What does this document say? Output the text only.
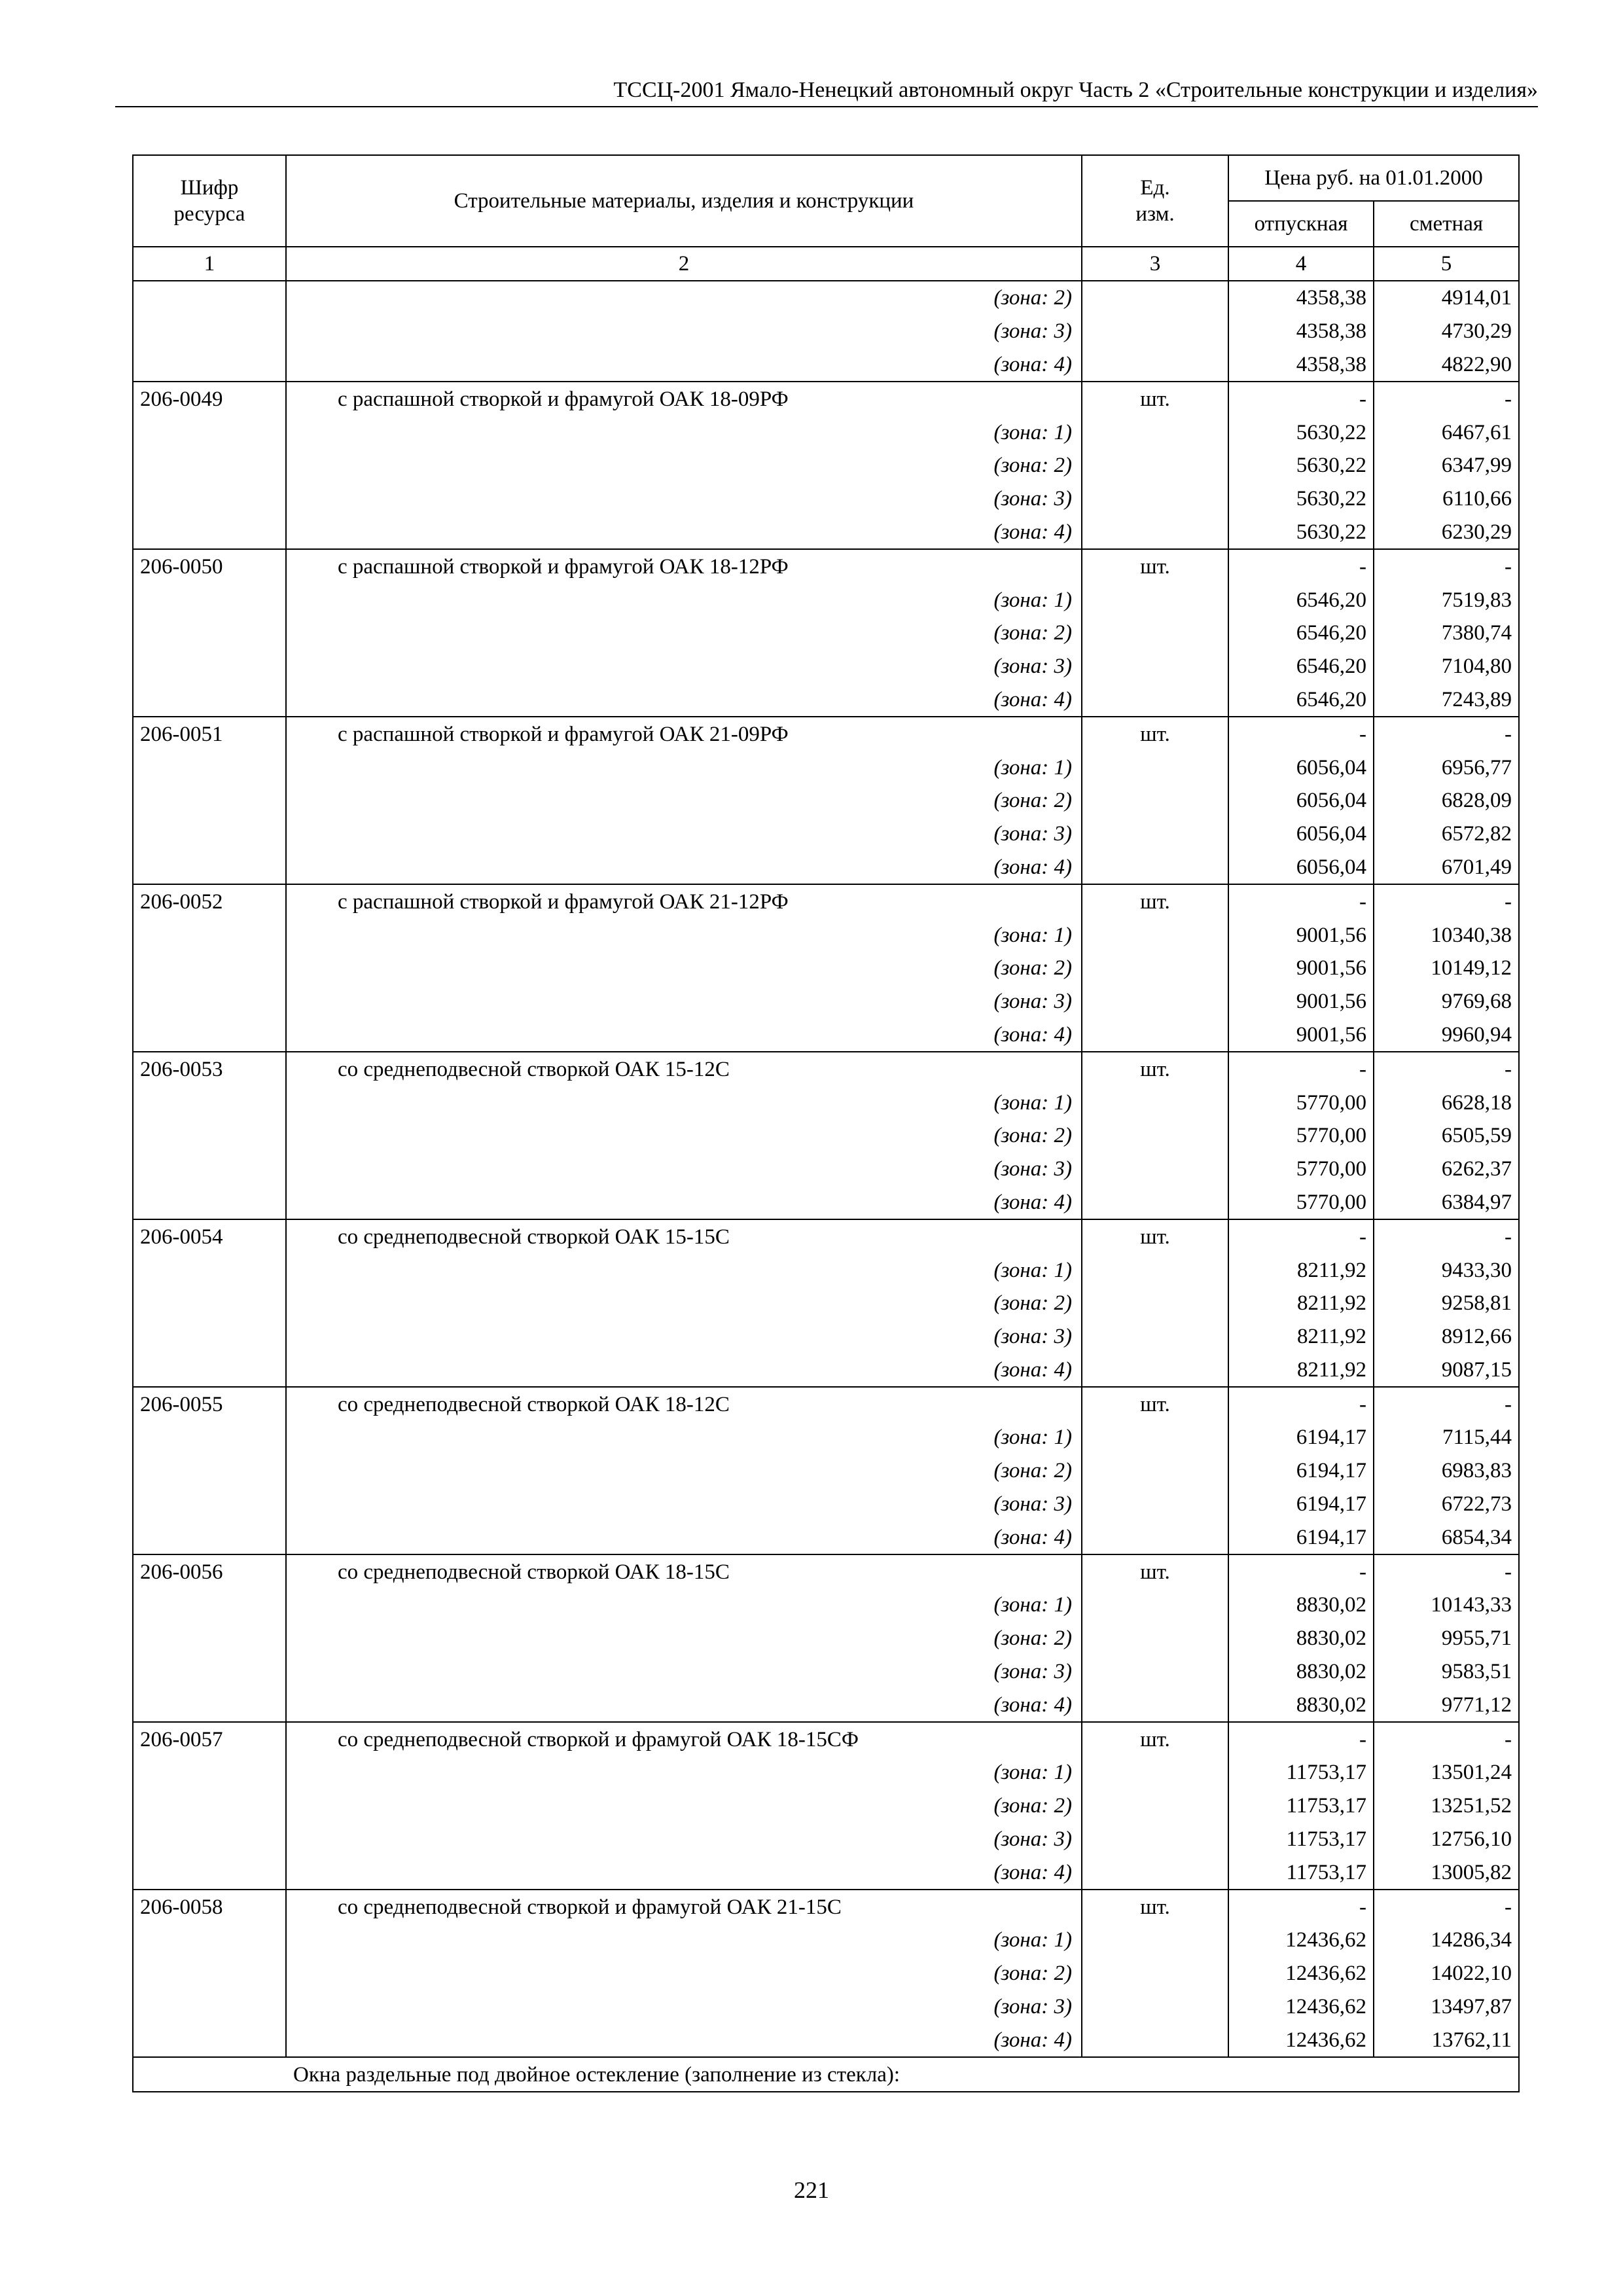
ТССЦ-2001 Ямало-Ненецкий автономный округ Часть 2 «Строительные конструкции и изделия»
Шифр ресурса	Строительные материалы, изделия и конструкции	Ед. изм.	Цена руб. на 01.01.2000	
			отпускная	сметная
1	2	3	4	5
	(зона: 2)		4358,38	4914,01
	(зона: 3)		4358,38	4730,29
	(зона: 4)		4358,38	4822,90
206-0049	с распашной створкой и фрамугой ОАК 18-09РФ	шт.	-	-
	(зона: 1)		5630,22	6467,61
	(зона: 2)		5630,22	6347,99
	(зона: 3)		5630,22	6110,66
	(зона: 4)		5630,22	6230,29
206-0050	с распашной створкой и фрамугой ОАК 18-12РФ	шт.	-	-
	(зона: 1)		6546,20	7519,83
	(зона: 2)		6546,20	7380,74
	(зона: 3)		6546,20	7104,80
	(зона: 4)		6546,20	7243,89
206-0051	с распашной створкой и фрамугой ОАК 21-09РФ	шт.	-	-
	(зона: 1)		6056,04	6956,77
	(зона: 2)		6056,04	6828,09
	(зона: 3)		6056,04	6572,82
	(зона: 4)		6056,04	6701,49
206-0052	с распашной створкой и фрамугой ОАК 21-12РФ	шт.	-	-
	(зона: 1)		9001,56	10340,38
	(зона: 2)		9001,56	10149,12
	(зона: 3)		9001,56	9769,68
	(зона: 4)		9001,56	9960,94
206-0053	со среднеподвесной створкой ОАК 15-12С	шт.	-	-
	(зона: 1)		5770,00	6628,18
	(зона: 2)		5770,00	6505,59
	(зона: 3)		5770,00	6262,37
	(зона: 4)		5770,00	6384,97
206-0054	со среднеподвесной створкой ОАК 15-15С	шт.	-	-
	(зона: 1)		8211,92	9433,30
	(зона: 2)		8211,92	9258,81
	(зона: 3)		8211,92	8912,66
	(зона: 4)		8211,92	9087,15
206-0055	со среднеподвесной створкой ОАК 18-12С	шт.	-	-
	(зона: 1)		6194,17	7115,44
	(зона: 2)		6194,17	6983,83
	(зона: 3)		6194,17	6722,73
	(зона: 4)		6194,17	6854,34
206-0056	со среднеподвесной створкой ОАК 18-15С	шт.	-	-
	(зона: 1)		8830,02	10143,33
	(зона: 2)		8830,02	9955,71
	(зона: 3)		8830,02	9583,51
	(зона: 4)		8830,02	9771,12
206-0057	со среднеподвесной створкой и фрамугой ОАК 18-15СФ	шт.	-	-
	(зона: 1)		11753,17	13501,24
	(зона: 2)		11753,17	13251,52
	(зона: 3)		11753,17	12756,10
	(зона: 4)		11753,17	13005,82
206-0058	со среднеподвесной створкой и фрамугой ОАК 21-15С	шт.	-	-
	(зона: 1)		12436,62	14286,34
	(зона: 2)		12436,62	14022,10
	(зона: 3)		12436,62	13497,87
	(зона: 4)		12436,62	13762,11
Окна раздельные под двойное остекление (заполнение из стекла):				
221
